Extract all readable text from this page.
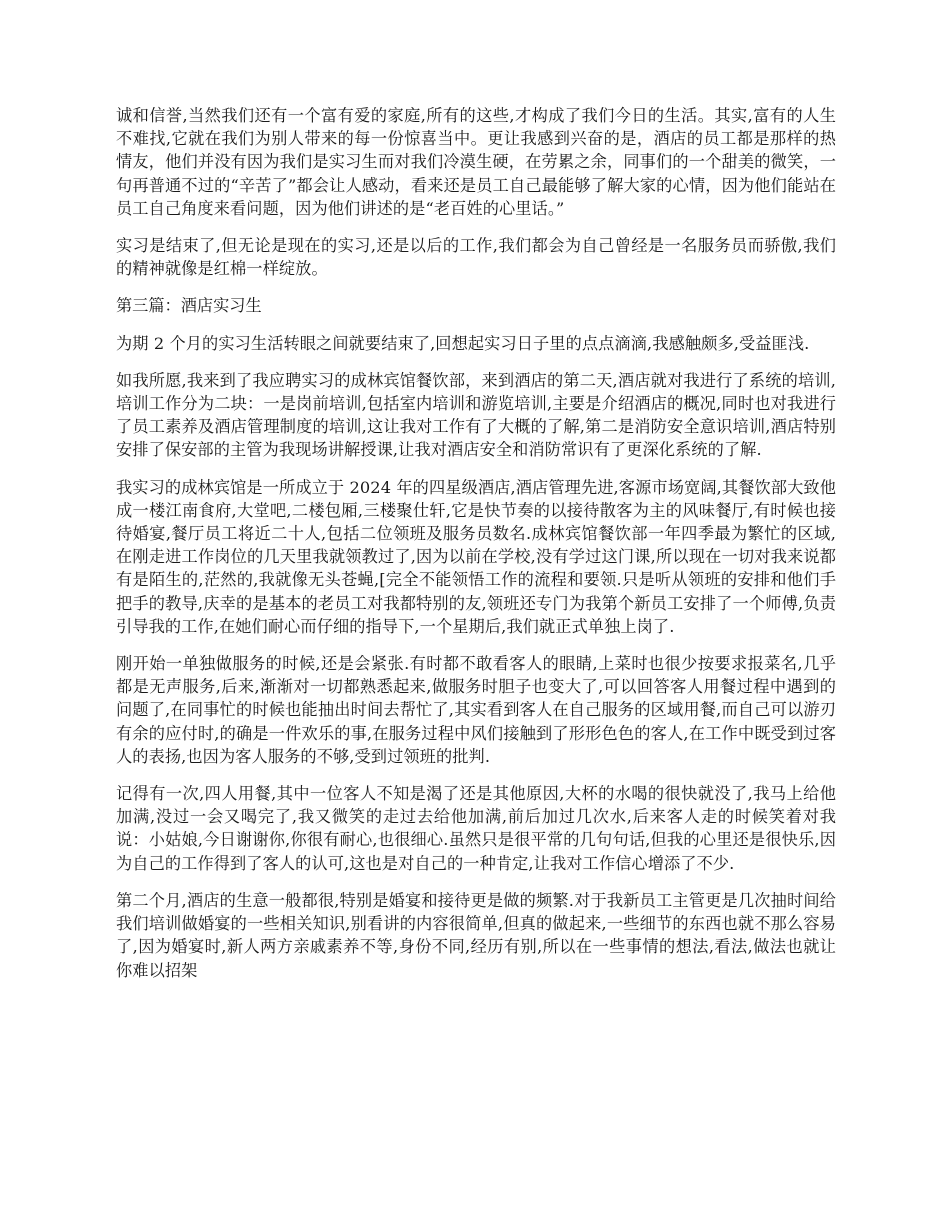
诚和信誉,当然我们还有一个富有爱的家庭,所有的这些,才构成了我们今日的生活。其实,富有的人生不难找,它就在我们为别人带来的每一份惊喜当中。更让我感到兴奋的是，酒店的员工都是那样的热情友，他们并没有因为我们是实习生而对我们冷漠生硬，在劳累之余，同事们的一个甜美的微笑，一句再普通不过的“辛苦了”都会让人感动，看来还是员工自己最能够了解大家的心情，因为他们能站在员工自己角度来看问题，因为他们讲述的是“老百姓的心里话。”

实习是结束了,但无论是现在的实习,还是以后的工作,我们都会为自己曾经是一名服务员而骄傲,我们的精神就像是红棉一样绽放。

第三篇：酒店实习生

为期 2 个月的实习生活转眼之间就要结束了,回想起实习日子里的点点滴滴,我感触颇多,受益匪浅.

如我所愿,我来到了我应聘实习的成林宾馆餐饮部，来到酒店的第二天,酒店就对我进行了系统的培训,培训工作分为二块：一是岗前培训,包括室内培训和游览培训,主要是介绍酒店的概况,同时也对我进行了员工素养及酒店管理制度的培训,这让我对工作有了大概的了解,第二是消防安全意识培训,酒店特别安排了保安部的主管为我现场讲解授课,让我对酒店安全和消防常识有了更深化系统的了解.

我实习的成林宾馆是一所成立于 2024 年的四星级酒店,酒店管理先进,客源市场宽阔,其餐饮部大致他成一楼江南食府,大堂吧,二楼包厢,三楼聚仕轩,它是快节奏的以接待散客为主的风味餐厅,有时候也接待婚宴,餐厅员工将近二十人,包括二位领班及服务员数名.成林宾馆餐饮部一年四季最为繁忙的区域,在刚走进工作岗位的几天里我就领教过了,因为以前在学校,没有学过这门课,所以现在一切对我来说都有是陌生的,茫然的,我就像无头苍蝇,[完全不能领悟工作的流程和要领.只是听从领班的安排和他们手把手的教导,庆幸的是基本的老员工对我都特别的友,领班还专门为我第个新员工安排了一个师傅,负责引导我的工作,在她们耐心而仔细的指导下,一个星期后,我们就正式单独上岗了.

刚开始一单独做服务的时候,还是会紧张.有时都不敢看客人的眼睛,上菜时也很少按要求报菜名,几乎都是无声服务,后来,渐渐对一切都熟悉起来,做服务时胆子也变大了,可以回答客人用餐过程中遇到的问题了,在同事忙的时候也能抽出时间去帮忙了,其实看到客人在自己服务的区域用餐,而自己可以游刃有余的应付时,的确是一件欢乐的事,在服务过程中风们接触到了形形色色的客人,在工作中既受到过客人的表扬,也因为客人服务的不够,受到过领班的批判.

记得有一次,四人用餐,其中一位客人不知是渴了还是其他原因,大杯的水喝的很快就没了,我马上给他加满,没过一会又喝完了,我又微笑的走过去给他加满,前后加过几次水,后来客人走的时候笑着对我说：小姑娘,今日谢谢你,你很有耐心,也很细心.虽然只是很平常的几句句话,但我的心里还是很快乐,因为自己的工作得到了客人的认可,这也是对自己的一种肯定,让我对工作信心增添了不少.

第二个月,酒店的生意一般都很,特别是婚宴和接待更是做的频繁.对于我新员工主管更是几次抽时间给我们培训做婚宴的一些相关知识,别看讲的内容很简单,但真的做起来,一些细节的东西也就不那么容易了,因为婚宴时,新人两方亲戚素养不等,身份不同,经历有别,所以在一些事情的想法,看法,做法也就让你难以招架
